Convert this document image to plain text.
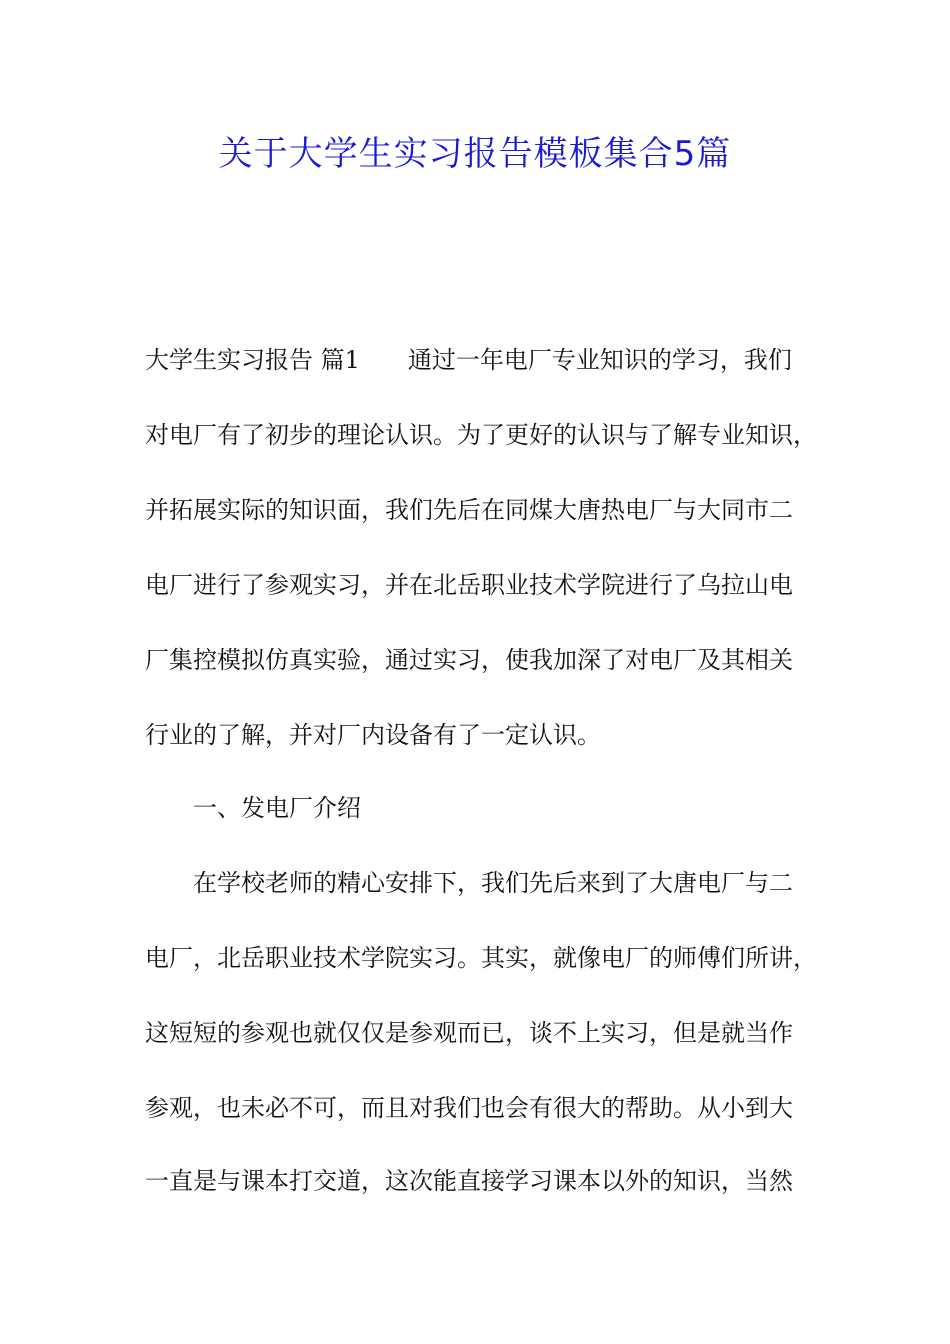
关于大学生实习报告模板集合5篇
大学生实习报告 篇1 通过一年电厂专业知识的学习，我们
对电厂有了初步的理论认识。为了更好的认识与了解专业知识，
并拓展实际的知识面，我们先后在同煤大唐热电厂与大同市二
电厂进行了参观实习，并在北岳职业技术学院进行了乌拉山电
厂集控模拟仿真实验，通过实习，使我加深了对电厂及其相关
行业的了解，并对厂内设备有了一定认识。
一、发电厂介绍
在学校老师的精心安排下，我们先后来到了大唐电厂与二
电厂，北岳职业技术学院实习。其实，就像电厂的师傅们所讲，
这短短的参观也就仅仅是参观而已，谈不上实习，但是就当作
参观，也未必不可，而且对我们也会有很大的帮助。从小到大
一直是与课本打交道，这次能直接学习课本以外的知识，当然
